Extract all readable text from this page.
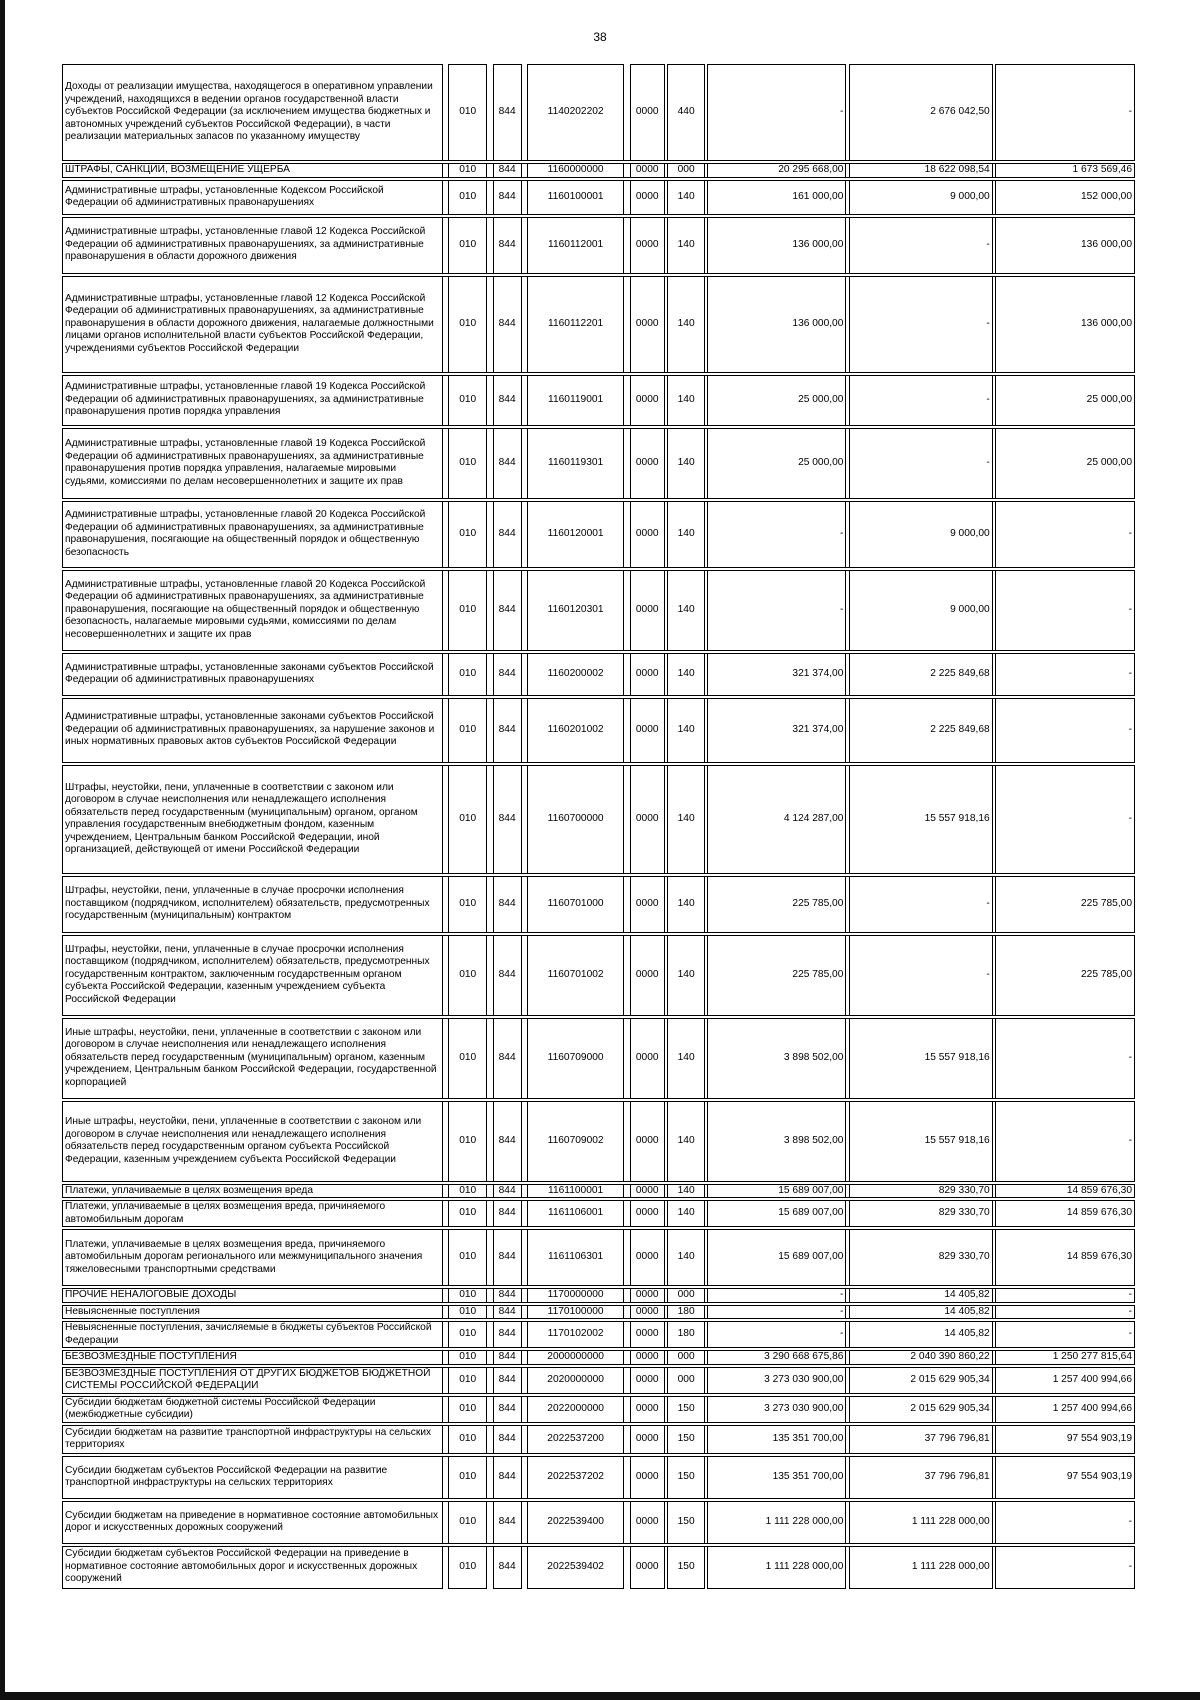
38
Доходы от реализации имущества, находящегося в оперативном управлении учреждений, находящихся в ведении органов государственной власти субъектов Российской Федерации (за исключением имущества бюджетных и автономных учреждений субъектов Российской Федерации), в части реализации материальных запасов по указанному имуществу		010		844		1140202202		0000		440		-		2 676 042,50		-

ШТРАФЫ, САНКЦИИ, ВОЗМЕЩЕНИЕ УЩЕРБА		010		844		1160000000		0000		000		20 295 668,00		18 622 098,54		1 673 569,46

Административные штрафы, установленные Кодексом Российской Федерации об административных правонарушениях		010		844		1160100001		0000		140		161 000,00		9 000,00		152 000,00

Административные штрафы, установленные главой 12 Кодекса Российской Федерации об административных правонарушениях, за административные правонарушения в области дорожного движения		010		844		1160112001		0000		140		136 000,00		-		136 000,00

Административные штрафы, установленные главой 12 Кодекса Российской Федерации об административных правонарушениях, за административные правонарушения в области дорожного движения, налагаемые должностными лицами органов исполнительной власти субъектов Российской Федерации, учреждениями субъектов Российской Федерации		010		844		1160112201		0000		140		136 000,00		-		136 000,00

Административные штрафы, установленные главой 19 Кодекса Российской Федерации об административных правонарушениях, за административные правонарушения против порядка управления		010		844		1160119001		0000		140		25 000,00		-		25 000,00

Административные штрафы, установленные главой 19 Кодекса Российской Федерации об административных правонарушениях, за административные правонарушения против порядка управления, налагаемые мировыми судьями, комиссиями по делам несовершеннолетних и защите их прав		010		844		1160119301		0000		140		25 000,00		-		25 000,00

Административные штрафы, установленные главой 20 Кодекса Российской Федерации об административных правонарушениях, за административные правонарушения, посягающие на общественный порядок и общественную безопасность		010		844		1160120001		0000		140		-		9 000,00		-

Административные штрафы, установленные главой 20 Кодекса Российской Федерации об административных правонарушениях, за административные правонарушения, посягающие на общественный порядок и общественную безопасность, налагаемые мировыми судьями, комиссиями по делам несовершеннолетних и защите их прав		010		844		1160120301		0000		140		-		9 000,00		-

Административные штрафы, установленные законами субъектов Российской Федерации об административных правонарушениях		010		844		1160200002		0000		140		321 374,00		2 225 849,68		-

Административные штрафы, установленные законами субъектов Российской Федерации об административных правонарушениях, за нарушение законов и иных нормативных правовых актов субъектов Российской Федерации		010		844		1160201002		0000		140		321 374,00		2 225 849,68		-

Штрафы, неустойки, пени, уплаченные в соответствии с законом или договором в случае неисполнения или ненадлежащего исполнения обязательств перед государственным (муниципальным) органом, органом управления государственным внебюджетным фондом, казенным учреждением, Центральным банком Российской Федерации, иной организацией, действующей от имени Российской Федерации		010		844		1160700000		0000		140		4 124 287,00		15 557 918,16		-

Штрафы, неустойки, пени, уплаченные в случае просрочки исполнения поставщиком (подрядчиком, исполнителем) обязательств, предусмотренных государственным (муниципальным) контрактом		010		844		1160701000		0000		140		225 785,00		-		225 785,00

Штрафы, неустойки, пени, уплаченные в случае просрочки исполнения поставщиком (подрядчиком, исполнителем) обязательств, предусмотренных государственным контрактом, заключенным государственным органом субъекта Российской Федерации, казенным учреждением субъекта Российской Федерации		010		844		1160701002		0000		140		225 785,00		-		225 785,00

Иные штрафы, неустойки, пени, уплаченные в соответствии с законом или договором в случае неисполнения или ненадлежащего исполнения обязательств перед государственным (муниципальным) органом, казенным учреждением, Центральным банком Российской Федерации, государственной корпорацией		010		844		1160709000		0000		140		3 898 502,00		15 557 918,16		-

Иные штрафы, неустойки, пени, уплаченные в соответствии с законом или договором в случае неисполнения или ненадлежащего исполнения обязательств перед государственным органом субъекта Российской Федерации, казенным учреждением субъекта Российской Федерации		010		844		1160709002		0000		140		3 898 502,00		15 557 918,16		-

Платежи, уплачиваемые в целях возмещения вреда		010		844		1161100001		0000		140		15 689 007,00		829 330,70		14 859 676,30

Платежи, уплачиваемые в целях возмещения вреда, причиняемого автомобильным дорогам		010		844		1161106001		0000		140		15 689 007,00		829 330,70		14 859 676,30

Платежи, уплачиваемые в целях возмещения вреда, причиняемого автомобильным дорогам регионального или межмуниципального значения тяжеловесными транспортными средствами		010		844		1161106301		0000		140		15 689 007,00		829 330,70		14 859 676,30

ПРОЧИЕ НЕНАЛОГОВЫЕ ДОХОДЫ		010		844		1170000000		0000		000		-		14 405,82		-

Невыясненные поступления		010		844		1170100000		0000		180		-		14 405,82		-

Невыясненные поступления, зачисляемые в бюджеты субъектов Российской Федерации		010		844		1170102002		0000		180		-		14 405,82		-

БЕЗВОЗМЕЗДНЫЕ ПОСТУПЛЕНИЯ		010		844		2000000000		0000		000		3 290 668 675,86		2 040 390 860,22		1 250 277 815,64

БЕЗВОЗМЕЗДНЫЕ ПОСТУПЛЕНИЯ ОТ ДРУГИХ БЮДЖЕТОВ БЮДЖЕТНОЙ СИСТЕМЫ РОССИЙСКОЙ ФЕДЕРАЦИИ		010		844		2020000000		0000		000		3 273 030 900,00		2 015 629 905,34		1 257 400 994,66

Субсидии бюджетам бюджетной системы Российской Федерации (межбюджетные субсидии)		010		844		2022000000		0000		150		3 273 030 900,00		2 015 629 905,34		1 257 400 994,66

Субсидии бюджетам на развитие транспортной инфраструктуры на сельских территориях		010		844		2022537200		0000		150		135 351 700,00		37 796 796,81		97 554 903,19

Субсидии бюджетам субъектов Российской Федерации на развитие транспортной инфраструктуры на сельских территориях		010		844		2022537202		0000		150		135 351 700,00		37 796 796,81		97 554 903,19

Субсидии бюджетам на приведение в нормативное состояние автомобильных дорог и искусственных дорожных сооружений		010		844		2022539400		0000		150		1 111 228 000,00		1 111 228 000,00		-

Субсидии бюджетам субъектов Российской Федерации на приведение в нормативное состояние автомобильных дорог и искусственных дорожных сооружений		010		844		2022539402		0000		150		1 111 228 000,00		1 111 228 000,00		-
